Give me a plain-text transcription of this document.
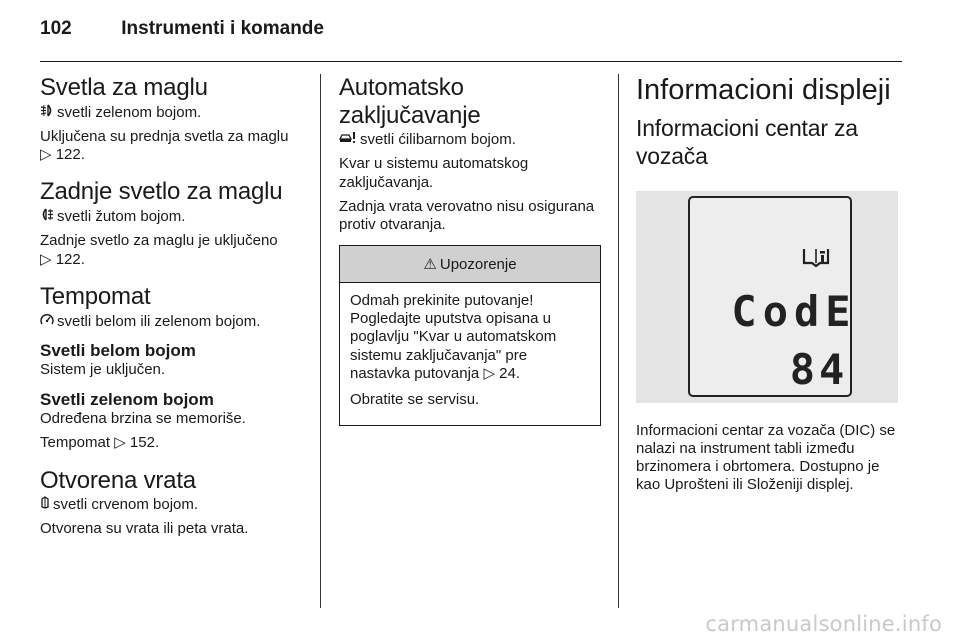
102	Instrumenti i komande
Svetla za maglu

svetli zelenom bojom.

Uključena su prednja svetla za maglu
▷ 122.

Zadnje svetlo za maglu

svetli žutom bojom.

Zadnje svetlo za maglu je uključeno
▷ 122.

Tempomat

svetli belom ili zelenom bojom.

Svetli belom bojom

Sistem je uključen.

Svetli zelenom bojom

Određena brzina se memoriše.

Tempomat ▷ 152.

Otvorena vrata

svetli crvenom bojom.

Otvorena su vrata ili peta vrata.

Automatsko zaključavanje

svetli ćilibarnom bojom.

Kvar u sistemu automatskog zaključavanja.

Zadnja vrata verovatno nisu osigurana protiv otvaranja.

⚠ Upozorenje

Odmah prekinite putovanje! Pogledajte uputstva opisana u poglavlju "Kvar u automatskom sistemu zaključavanja" pre nastavka putovanja ▷ 24.

Obratite se servisu.

Informacioni displeji
Informacioni centar za vozača
CodE
84

Informacioni centar za vozača (DIC) se nalazi na instrument tabli između brzinomera i obrtomera. Dostupno je kao Uprošteni ili Složeniji displej.

carmanualsonline.info
